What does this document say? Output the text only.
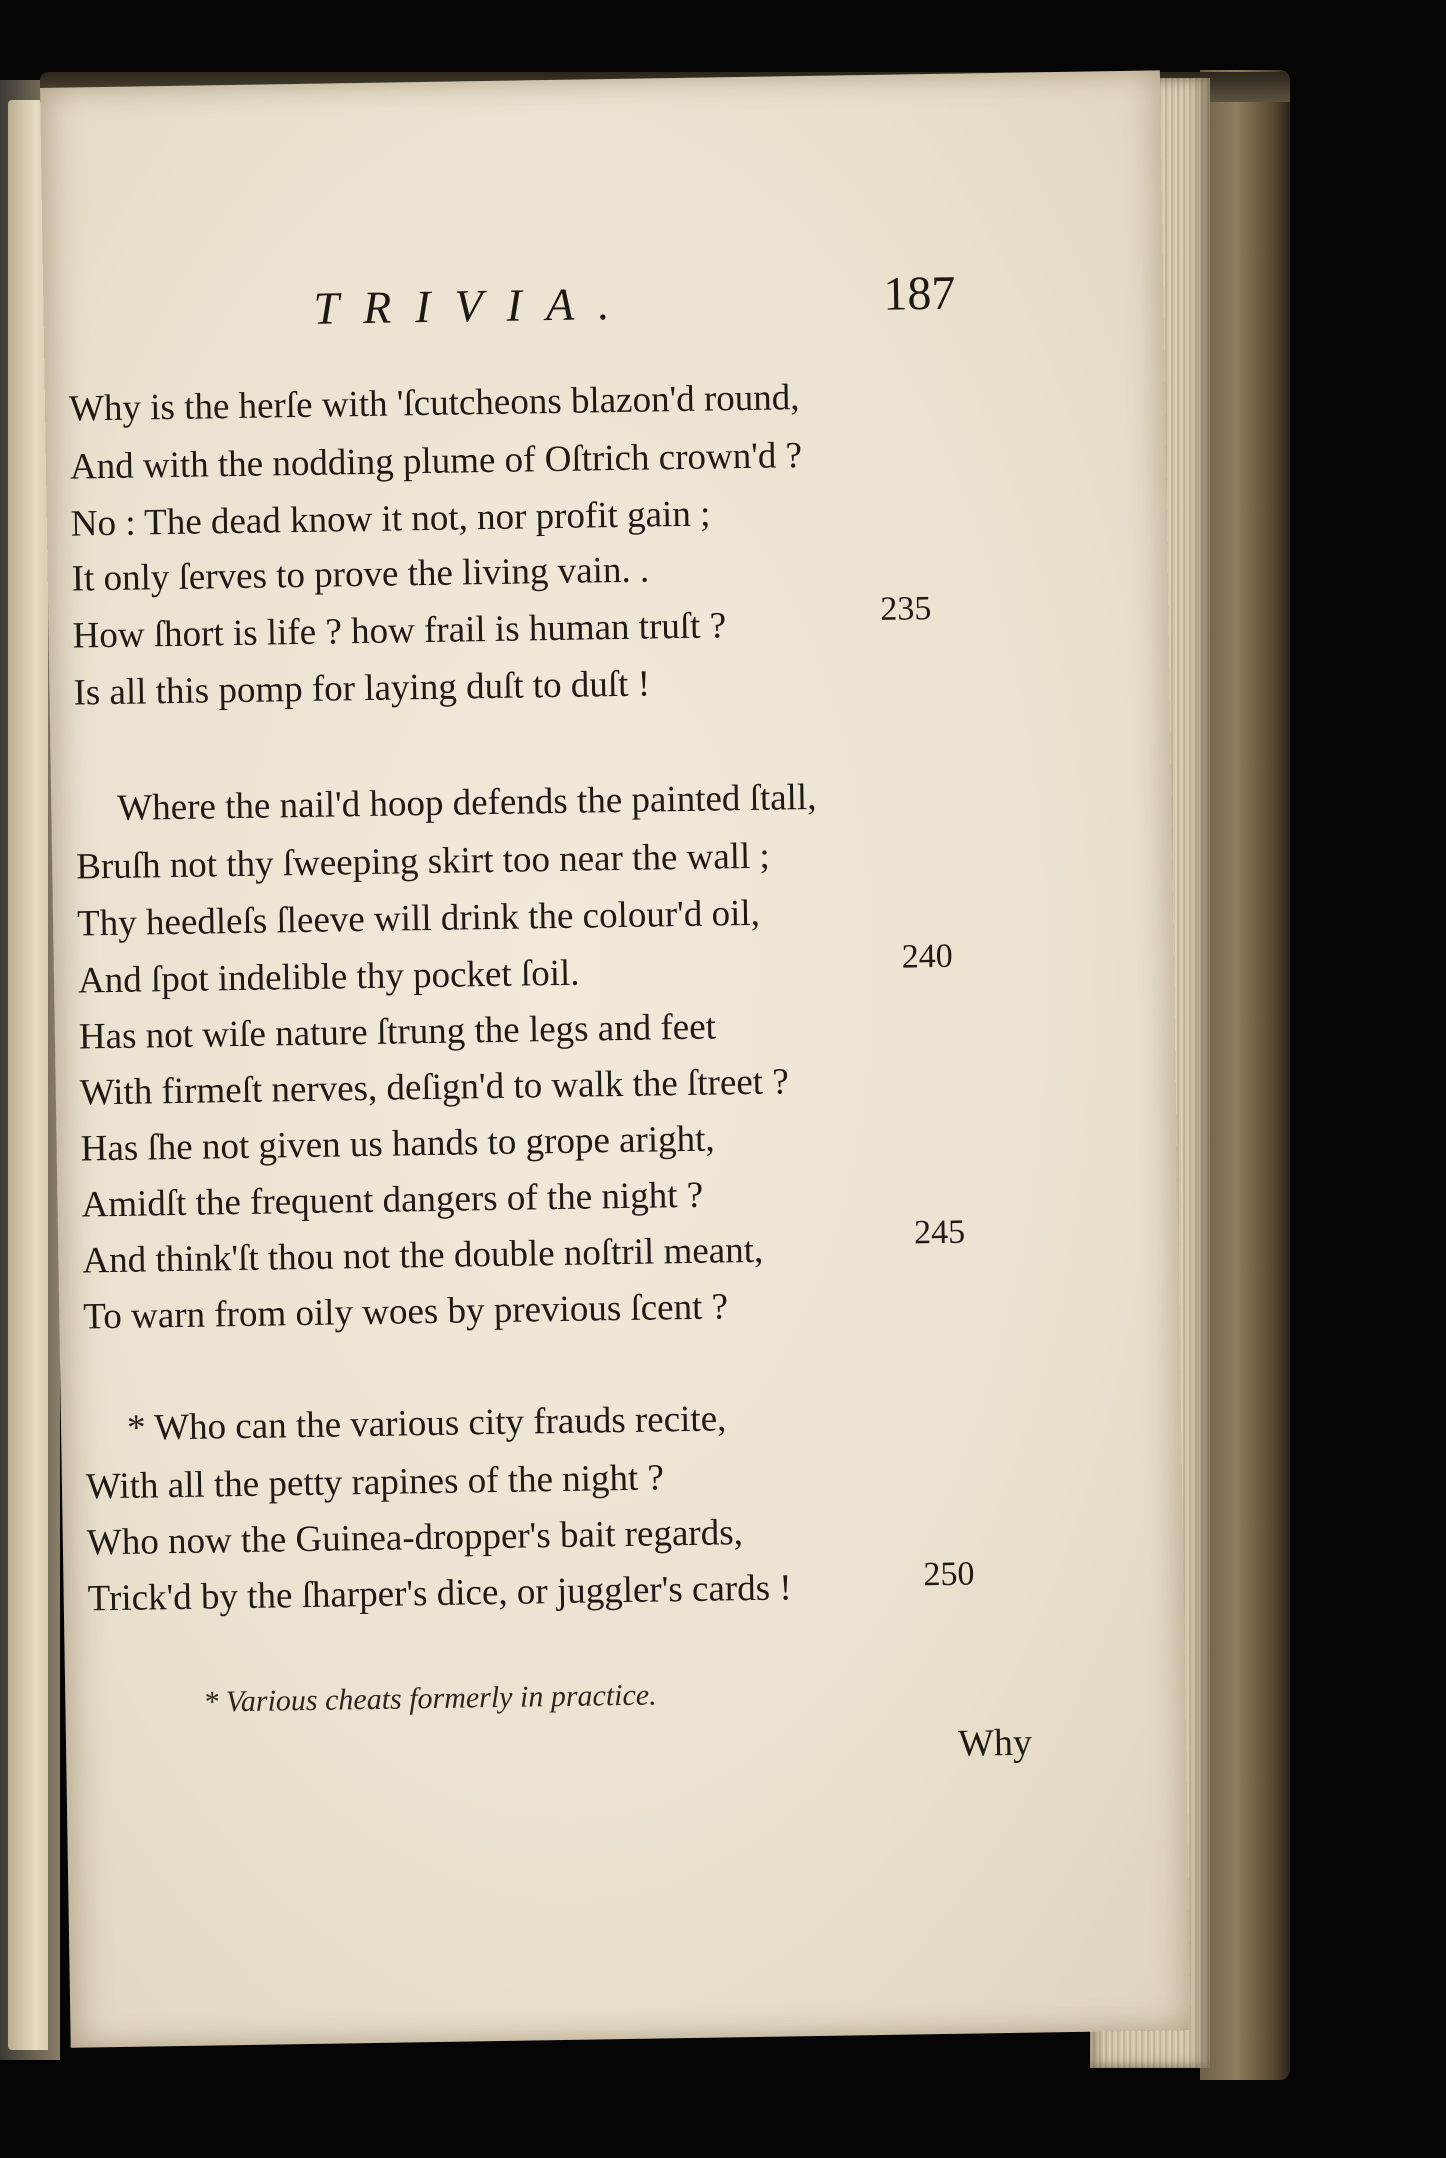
TRIVIA.	187
Why is the herſe with 'ſcutcheons blazon'd round,
And with the nodding plume of Oſtrich crown'd ?
No : The dead know it not, nor profit gain ;
It only ſerves to prove the living vain. .
How ſhort is life ? how frail is human truſt ?
Is all this pomp for laying duſt to duſt !
235
Where the nail'd hoop defends the painted ſtall,
Bruſh not thy ſweeping skirt too near the wall ;
Thy heedleſs ſleeve will drink the colour'd oil,
And ſpot indelible thy pocket ſoil.
Has not wiſe nature ſtrung the legs and feet
With firmeſt nerves, deſign'd to walk the ſtreet ?
Has ſhe not given us hands to grope aright,
Amidſt the frequent dangers of the night ?
And think'ſt thou not the double noſtril meant,
To warn from oily woes by previous ſcent ?
240
245
* Who can the various city frauds recite,
With all the petty rapines of the night ?
Who now the Guinea-dropper's bait regards,
Trick'd by the ſharper's dice, or juggler's cards !	250
* Various cheats formerly in practice.
Why
